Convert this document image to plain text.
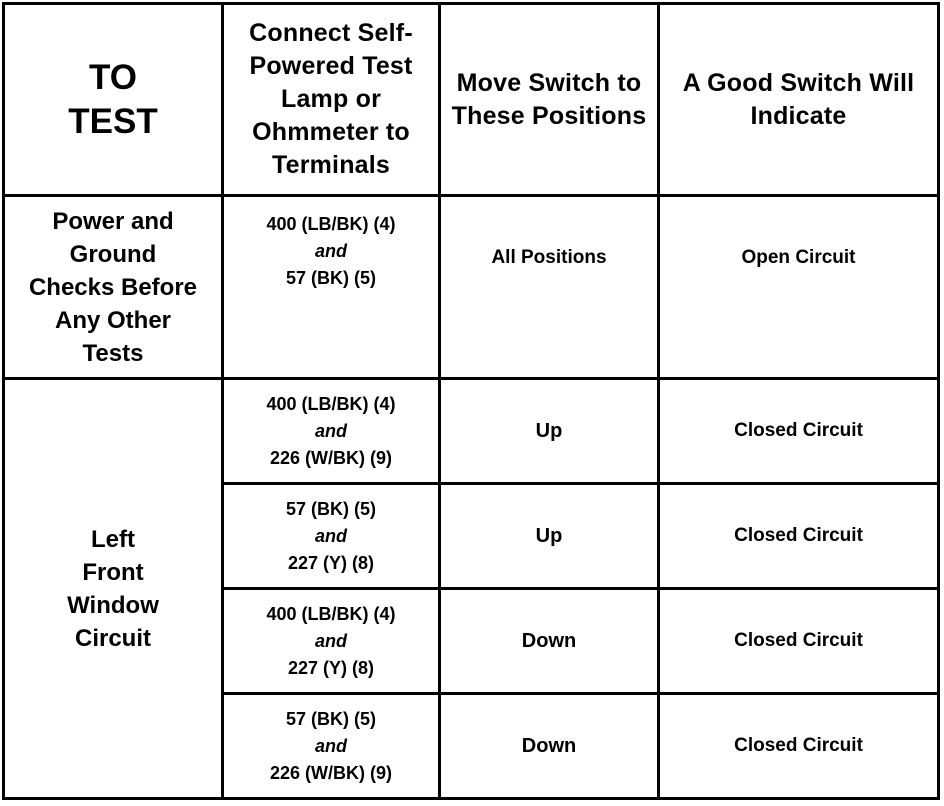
TO
TEST	Connect Self-Powered Test Lamp or Ohmmeter to Terminals	Move Switch to These Positions	A Good Switch Will Indicate

Power and
Ground
Checks Before
Any Other
Tests	400 (LB/BK) (4)
and
57 (BK) (5)	All Positions	Open Circuit

Left
Front
Window
Circuit	400 (LB/BK) (4)
and
226 (W/BK) (9)	Up	Closed Circuit

	57 (BK) (5)
and
227 (Y) (8)	Up	Closed Circuit

	400 (LB/BK) (4)
and
227 (Y) (8)	Down	Closed Circuit

	57 (BK) (5)
and
226 (W/BK) (9)	Down	Closed Circuit
